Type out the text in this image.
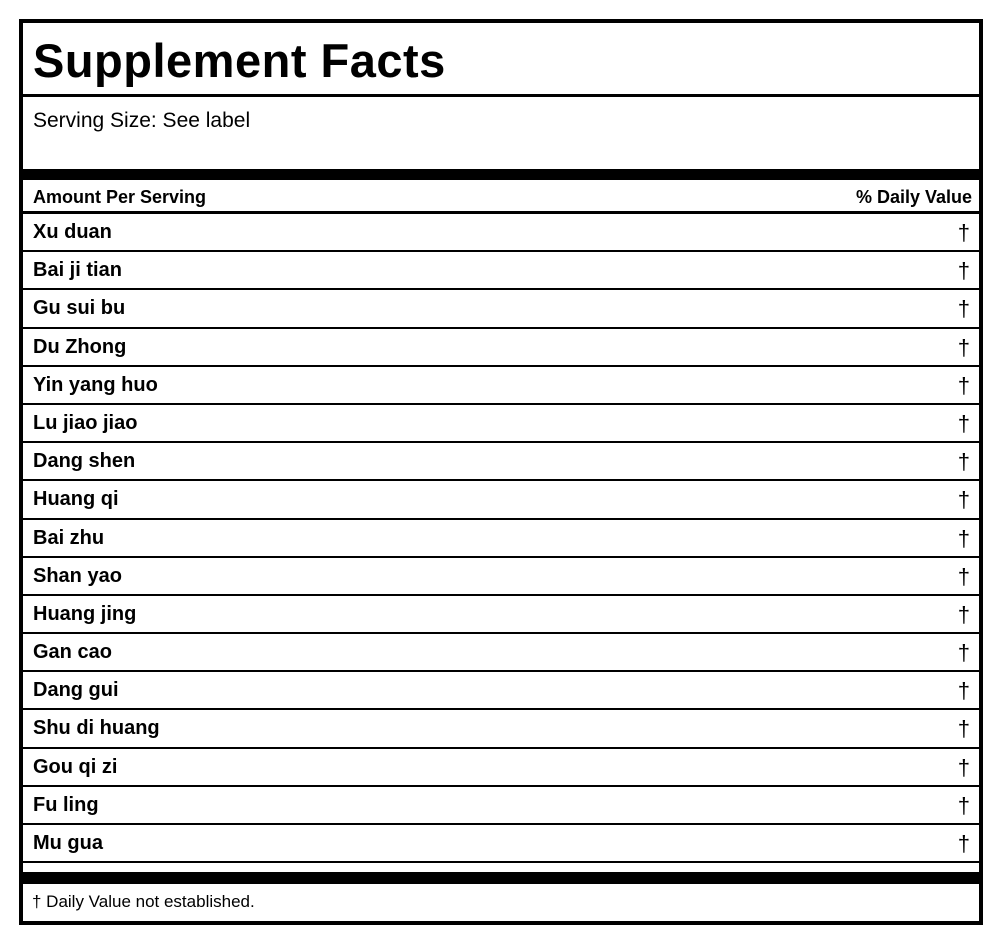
Supplement Facts
Serving Size: See label
Amount Per Serving	% Daily Value
Xu duan	†
Bai ji tian	†
Gu sui bu	†
Du Zhong	†
Yin yang huo	†
Lu jiao jiao	†
Dang shen	†
Huang qi	†
Bai zhu	†
Shan yao	†
Huang jing	†
Gan cao	†
Dang gui	†
Shu di huang	†
Gou qi zi	†
Fu ling	†
Mu gua	†
† Daily Value not established.
